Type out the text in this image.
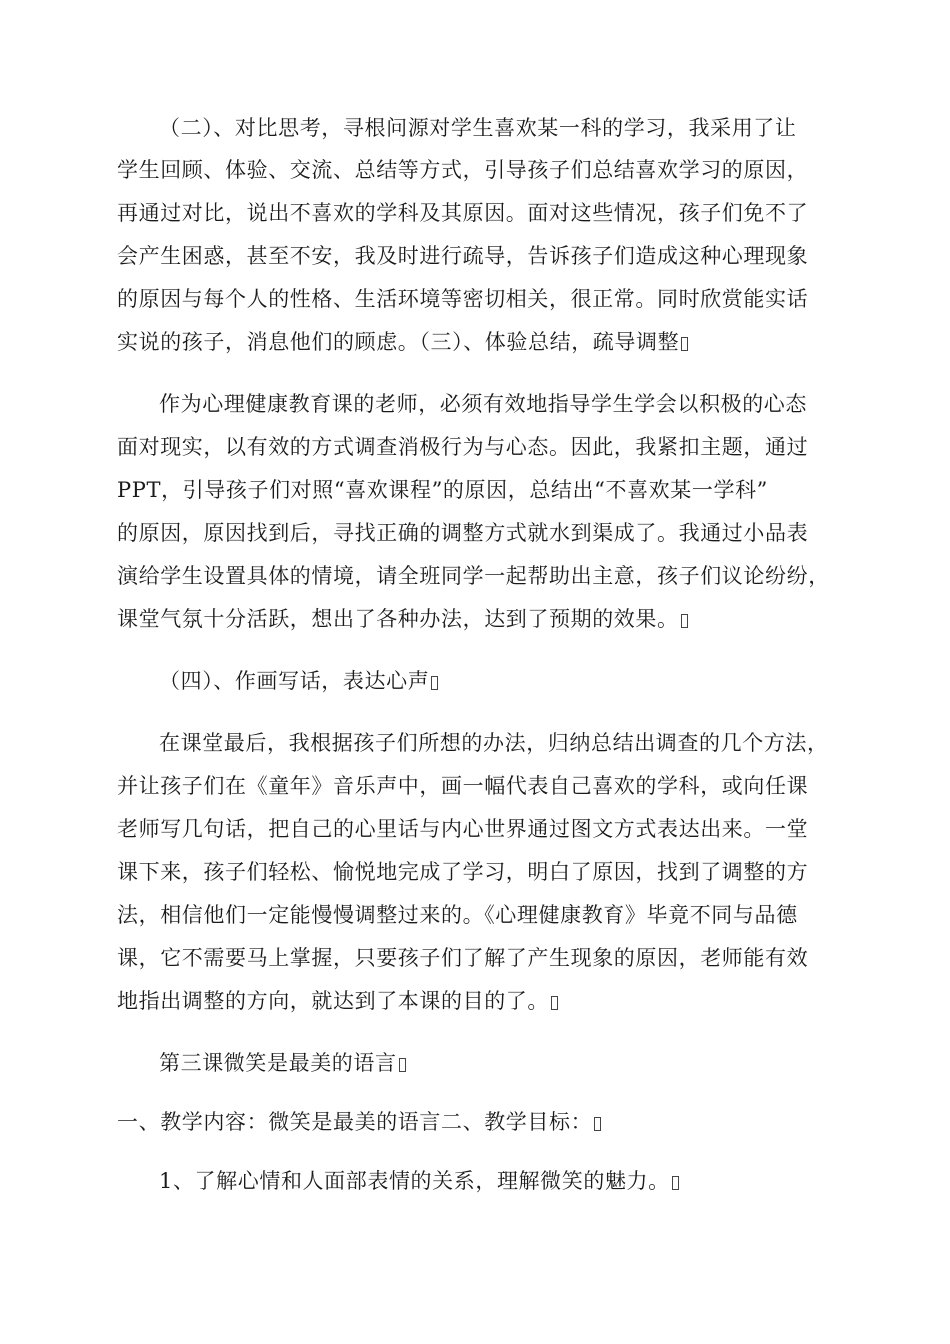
（二）、对比思考，寻根问源对学生喜欢某一科的学习，我采用了让
学生回顾、体验、交流、总结等方式，引导孩子们总结喜欢学习的原因，
再通过对比，说出不喜欢的学科及其原因。面对这些情况，孩子们免不了
会产生困惑，甚至不安，我及时进行疏导，告诉孩子们造成这种心理现象
的原因与每个人的性格、生活环境等密切相关，很正常。同时欣赏能实话
实说的孩子，消息他们的顾虑。（三）、体验总结，疏导调整
作为心理健康教育课的老师，必须有效地指导学生学会以积极的心态
面对现实，以有效的方式调查消极行为与心态。因此，我紧扣主题，通过
PPT，引导孩子们对照“喜欢课程”的原因，总结出“不喜欢某一学科”
的原因，原因找到后，寻找正确的调整方式就水到渠成了。我通过小品表
演给学生设置具体的情境，请全班同学一起帮助出主意，孩子们议论纷纷，
课堂气氛十分活跃，想出了各种办法，达到了预期的效果。
（四）、作画写话，表达心声
在课堂最后，我根据孩子们所想的办法，归纳总结出调查的几个方法，
并让孩子们在《童年》音乐声中，画一幅代表自己喜欢的学科，或向任课
老师写几句话，把自己的心里话与内心世界通过图文方式表达出来。一堂
课下来，孩子们轻松、愉悦地完成了学习，明白了原因，找到了调整的方
法，相信他们一定能慢慢调整过来的。《心理健康教育》毕竟不同与品德
课，它不需要马上掌握，只要孩子们了解了产生现象的原因，老师能有效
地指出调整的方向，就达到了本课的目的了。
第三课微笑是最美的语言
一、教学内容：微笑是最美的语言二、教学目标：
1、了解心情和人面部表情的关系，理解微笑的魅力。
